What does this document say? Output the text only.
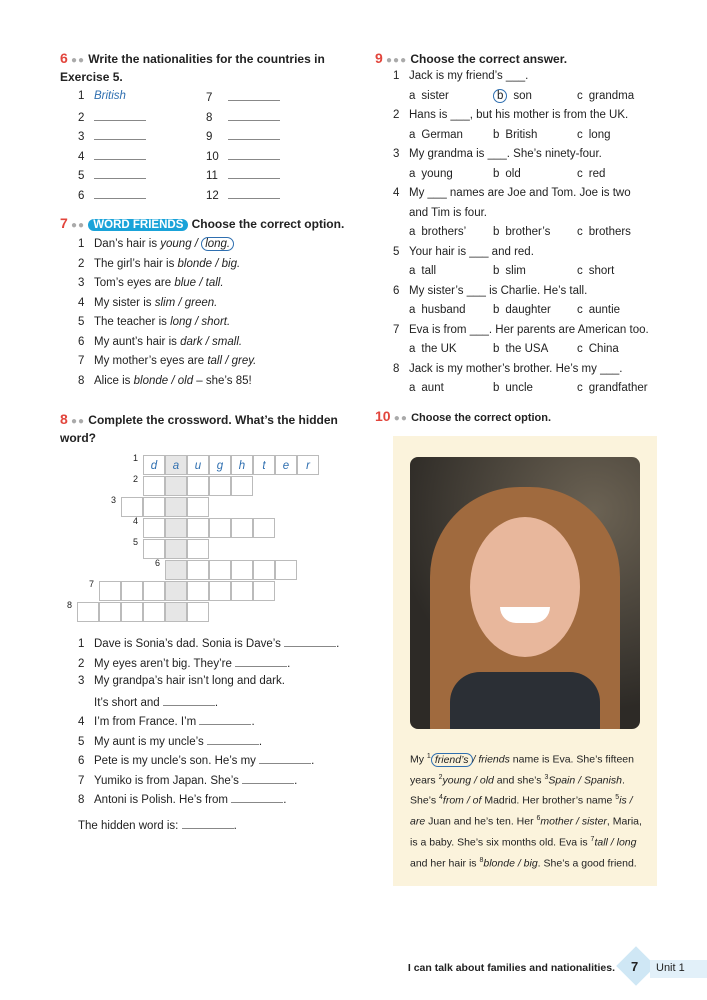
6 ●● Write the nationalities for the countries in Exercise 5.
1 British
2
3
4
5
6
7
8
9
10
11
12
7 ●● WORD FRIENDS Choose the correct option.
1 Dan’s hair is young / long.
2 The girl’s hair is blonde / big.
3 Tom’s eyes are blue / tall.
4 My sister is slim / green.
5 The teacher is long / short.
6 My aunt’s hair is dark / small.
7 My mother’s eyes are tall / grey.
8 Alice is blonde / old – she’s 85!
8 ●● Complete the crossword. What’s the hidden word?
1
d	a	u	g	h	t	e	r
2
3
4
5
6
7
8
1 Dave is Sonia’s dad. Sonia is Dave’s	.
2 My eyes aren’t big. They’re	.
3 My grandpa’s hair isn’t long and dark.
It’s short and	.
4 I’m from France. I’m	.
5 My aunt is my uncle’s	.
6 Pete is my uncle’s son. He’s my	.
7 Yumiko is from Japan. She’s	.
8 Antoni is Polish. He’s from	.
The hidden word is:	.
9 ●●● Choose the correct answer.
1 Jack is my friend’s ___.
a sister	b son	c grandma
2 Hans is ___, but his mother is from the UK.
a German	b British	c long
3 My grandma is ___. She’s ninety-four.
a young	b old	c red
4 My ___ names are Joe and Tom. Joe is two
and Tim is four.
a brothers’ b brother’s c brothers
5 Your hair is ___ and red.
a tall	b slim	c short
6 My sister’s ___ is Charlie. He’s tall.
a husband b daughter c auntie
7 Eva is from ___. Her parents are American too.
a the UK	b the USA	c China
8 Jack is my mother’s brother. He’s my ___.
a aunt	b uncle	c grandfather
10 ●● Choose the correct option.
My $^1$ friend’s / friends name is Eva. She’s fifteen years $^2$young / old and she’s $^3$Spain / Spanish. She’s $^4$from / of Madrid. Her brother’s name $^5$is / are Juan and he’s ten. Her $^6$mother / sister, Maria, is a baby. She’s six months old. Eva is $^7$tall / long and her hair is $^8$blonde / big. She’s a good friend.
I can talk about families and nationalities. 7 Unit 1
